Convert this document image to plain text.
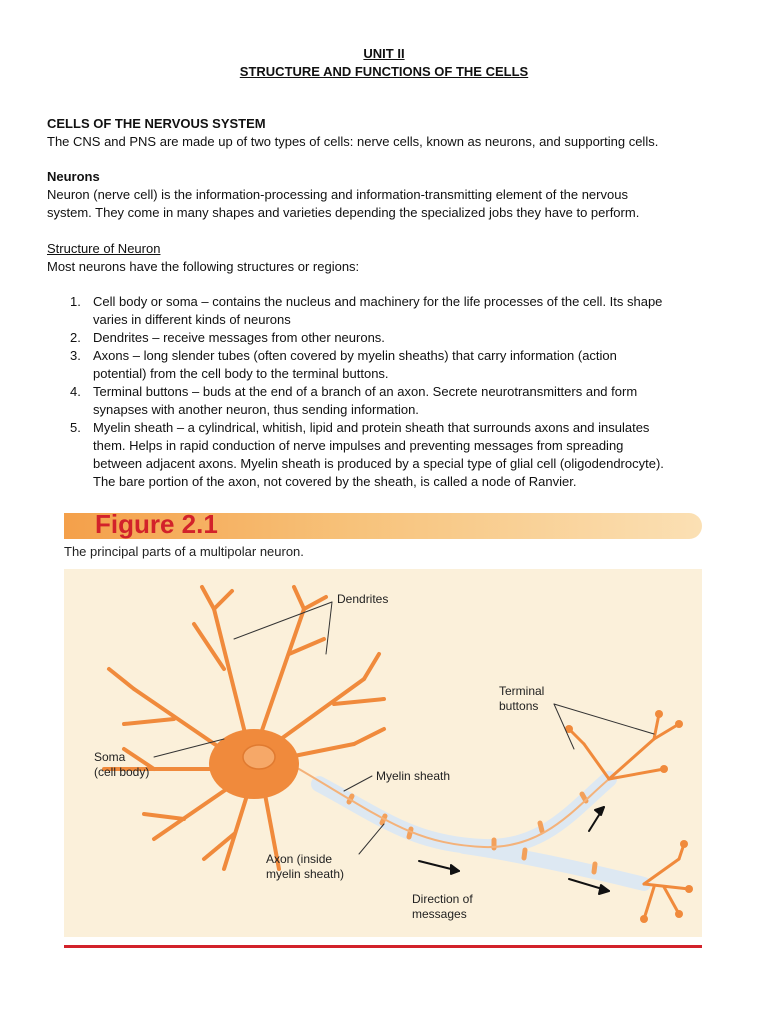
UNIT II
STRUCTURE AND FUNCTIONS OF THE CELLS
CELLS OF THE NERVOUS SYSTEM
The CNS and PNS are made up of two types of cells: nerve cells, known as neurons, and supporting cells.
Neurons
Neuron (nerve cell) is the information-processing and information-transmitting element of the nervous
system. They come in many shapes and varieties depending the specialized jobs they have to perform.
Structure of Neuron
Most neurons have the following structures or regions:
1. Cell body or soma – contains the nucleus and machinery for the life processes of the cell. Its shape
varies in different kinds of neurons
2. Dendrites – receive messages from other neurons.
3. Axons – long slender tubes (often covered by myelin sheaths) that carry information (action
potential) from the cell body to the terminal buttons.
4. Terminal buttons – buds at the end of a branch of an axon. Secrete neurotransmitters and form
synapses with another neuron, thus sending information.
5. Myelin sheath – a cylindrical, whitish, lipid and protein sheath that surrounds axons and insulates
them. Helps in rapid conduction of nerve impulses and preventing messages from spreading
between adjacent axons. Myelin sheath is produced by a special type of glial cell (oligodendrocyte).
The bare portion of the axon, not covered by the sheath, is called a node of Ranvier.
Figure 2.1
The principal parts of a multipolar neuron.
Dendrites
Terminal
buttons
Soma
(cell body)	Myelin sheath
Axon (inside
myelin sheath)
Direction of
messages
